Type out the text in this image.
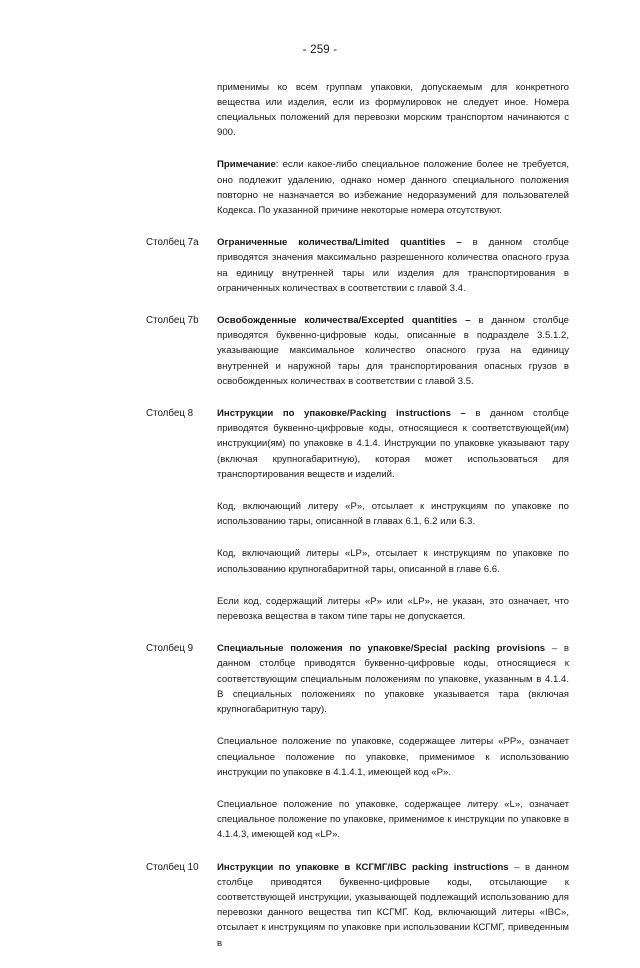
- 259 -

применимы ко всем группам упаковки, допускаемым для конкретного вещества или изделия, если из формулировок не следует иное. Номера специальных положений для перевозки морским транспортом начинаются с 900.

Примечание: если какое-либо специальное положение более не требуется, оно подлежит удалению, однако номер данного специального положения повторно не назначается во избежание недоразумений для пользователей Кодекса. По указанной причине некоторые номера отсутствуют.

Столбец 7a Ограниченные количества/Limited quantities – в данном столбце приводятся значения максимально разрешенного количества опасного груза на единицу внутренней тары или изделия для транспортирования в ограниченных количествах в соответствии с главой 3.4.

Столбец 7b Освобожденные количества/Excepted quantities – в данном столбце приводятся буквенно-цифровые коды, описанные в подразделе 3.5.1.2, указывающие максимальное количество опасного груза на единицу внутренней и наружной тары для транспортирования опасных грузов в освобожденных количествах в соответствии с главой 3.5.

Столбец 8 Инструкции по упаковке/Packing instructions – в данном столбце приводятся буквенно-цифровые коды, относящиеся к соответствующей(им) инструкции(ям) по упаковке в 4.1.4. Инструкции по упаковке указывают тару (включая крупногабаритную), которая может использоваться для транспортирования веществ и изделий.

Код, включающий литеру «P», отсылает к инструкциям по упаковке по использованию тары, описанной в главах 6.1, 6.2 или 6.3.

Код, включающий литеры «LP», отсылает к инструкциям по упаковке по использованию крупногабаритной тары, описанной в главе 6.6.

Если код, содержащий литеры «P» или «LP», не указан, это означает, что перевозка вещества в таком типе тары не допускается.

Столбец 9 Специальные положения по упаковке/Special packing provisions – в данном столбце приводятся буквенно-цифровые коды, относящиеся к соответствующим специальным положениям по упаковке, указанным в 4.1.4. В специальных положениях по упаковке указывается тара (включая крупногабаритную тару).

Специальное положение по упаковке, содержащее литеры «PP», означает специальное положение по упаковке, применимое к использованию инструкции по упаковке в 4.1.4.1, имеющей код «P».

Специальное положение по упаковке, содержащее литеру «L», означает специальное положение по упаковке, применимое к инструкции по упаковке в 4.1.4.3, имеющей код «LP».

Столбец 10 Инструкции по упаковке в КСГМГ/IBC packing instructions – в данном столбце приводятся буквенно-цифровые коды, отсылающие к соответствующей инструкции, указывающей подлежащий использованию для перевозки данного вещества тип КСГМГ. Код, включающий литеры «IBC», отсылает к инструкциям по упаковке при использовании КСГМГ, приведенным в
